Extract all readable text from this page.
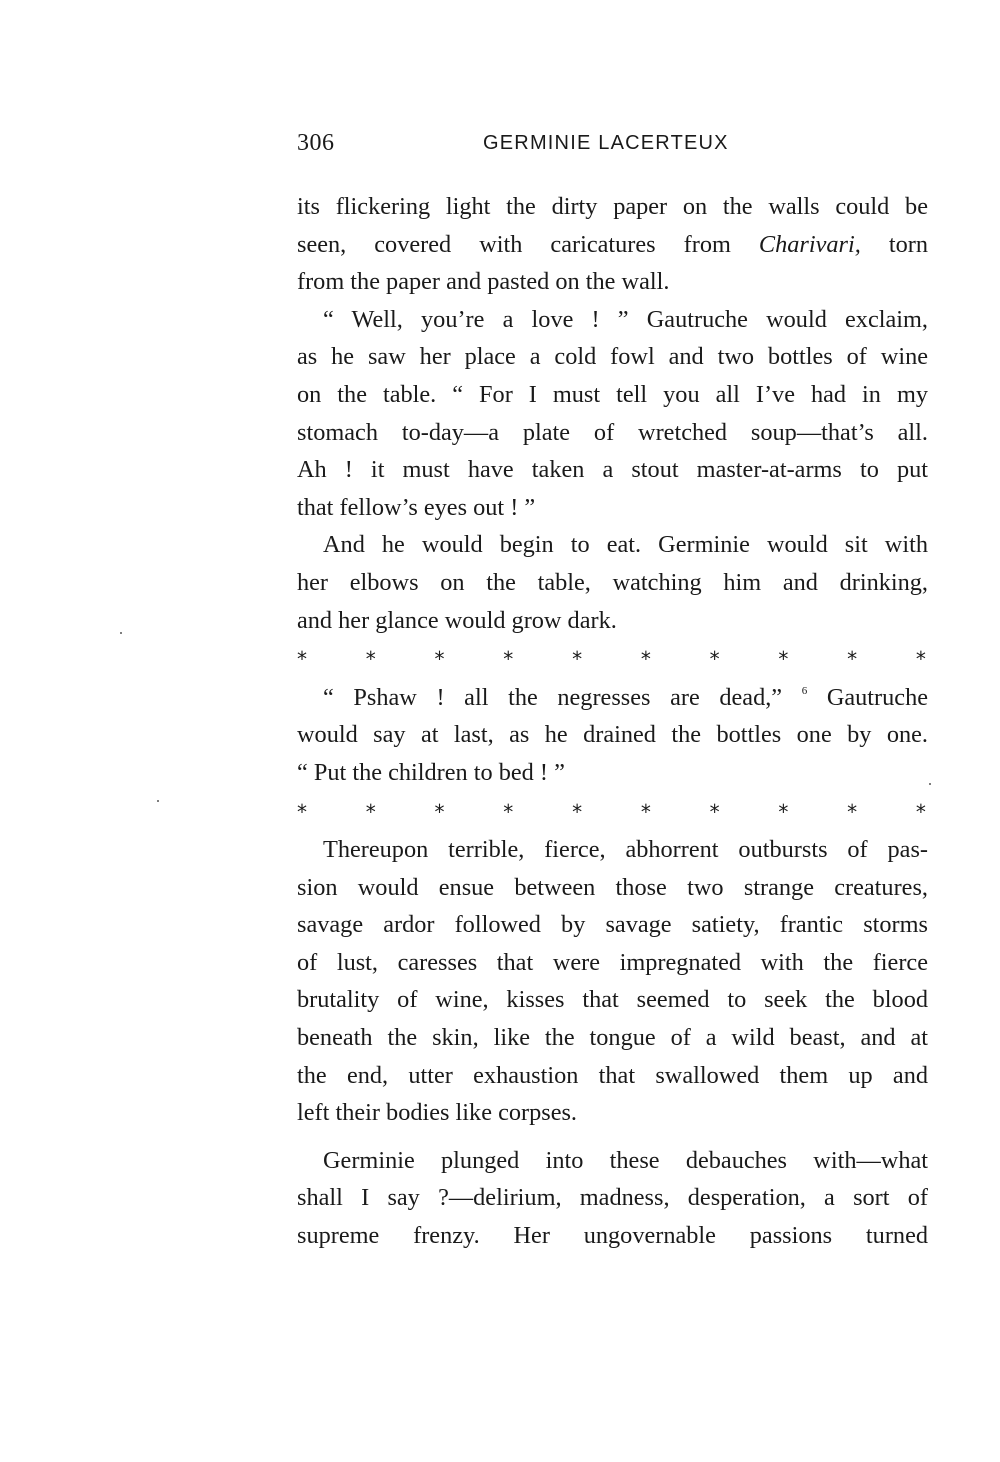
306	GERMINIE LACERTEUX

its flickering light the dirty paper on the walls could be
seen, covered with caricatures from Charivari, torn
from the paper and pasted on the wall.

“ Well, you’re a love ! ” Gautruche would exclaim,
as he saw her place a cold fowl and two bottles of wine
on the table. “ For I must tell you all I’ve had in my
stomach to-day—a plate of wretched soup—that’s all.
Ah ! it must have taken a stout master-at-arms to put
that fellow’s eyes out ! ”

And he would begin to eat. Germinie would sit with
her elbows on the table, watching him and drinking,
and her glance would grow dark.

*	*	*	*	*	*	*	*	*	*

“ Pshaw ! all the negresses are dead,” $^6$ Gautruche
would say at last, as he drained the bottles one by one.
“ Put the children to bed ! ”

*	*	*	*	*	*	*	*	*	*

Thereupon terrible, fierce, abhorrent outbursts of pas-
sion would ensue between those two strange creatures,
savage ardor followed by savage satiety, frantic storms
of lust, caresses that were impregnated with the fierce
brutality of wine, kisses that seemed to seek the blood
beneath the skin, like the tongue of a wild beast, and at
the end, utter exhaustion that swallowed them up and
left their bodies like corpses.

Germinie plunged into these debauches with—what
shall I say ?—delirium, madness, desperation, a sort of
supreme frenzy. Her ungovernable passions turned
